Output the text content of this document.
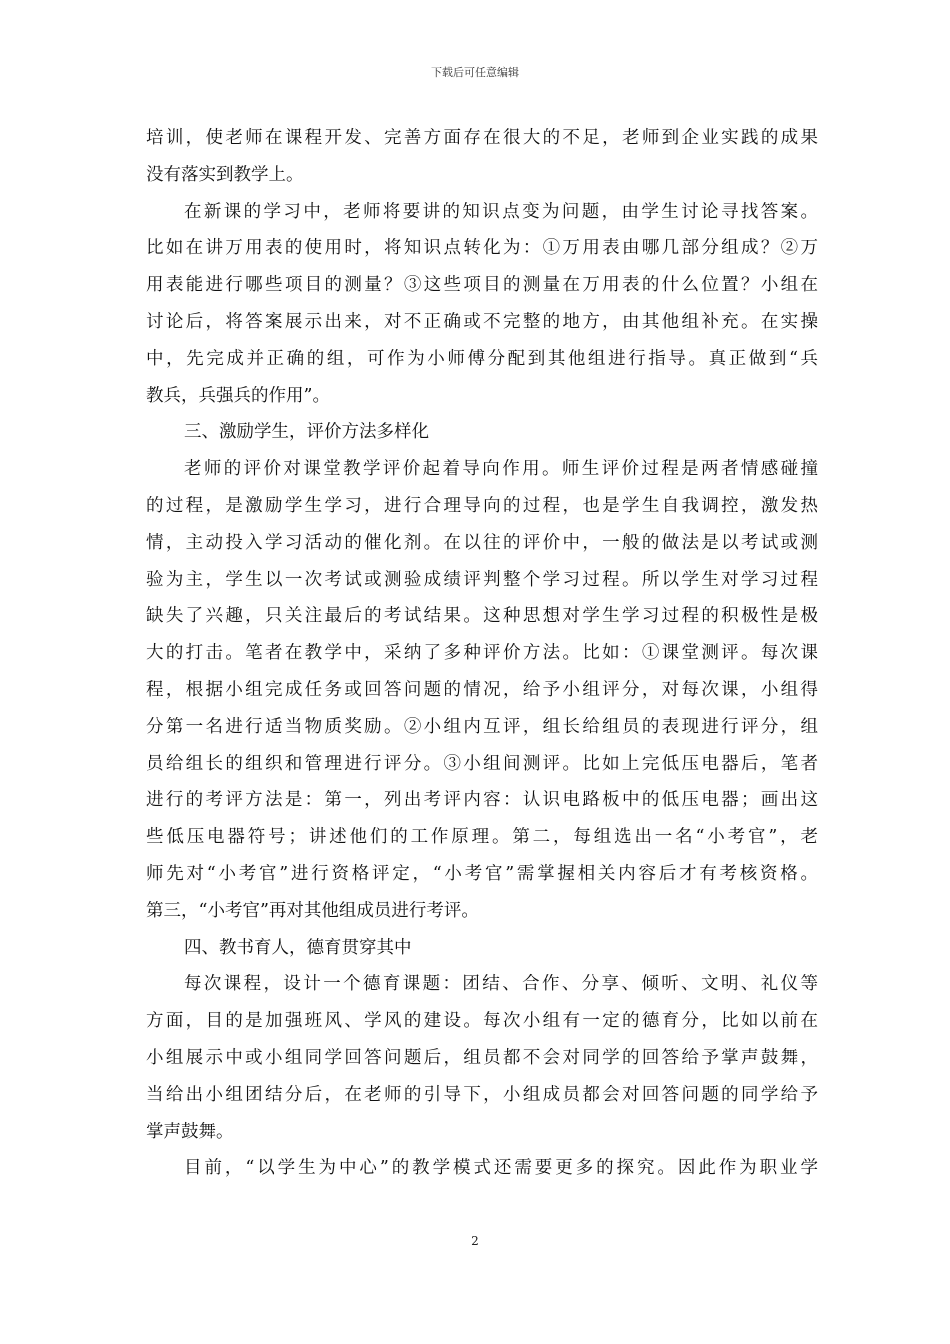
下载后可任意编辑
培训，使老师在课程开发、完善方面存在很大的不足，老师到企业实践的成果
没有落实到教学上。
在新课的学习中，老师将要讲的知识点变为问题，由学生讨论寻找答案。
比如在讲万用表的使用时，将知识点转化为：①万用表由哪几部分组成？②万
用表能进行哪些项目的测量？③这些项目的测量在万用表的什么位置？小组在
讨论后，将答案展示出来，对不正确或不完整的地方，由其他组补充。在实操
中，先完成并正确的组，可作为小师傅分配到其他组进行指导。真正做到“兵
教兵，兵强兵的作用”。
三、激励学生，评价方法多样化
老师的评价对课堂教学评价起着导向作用。师生评价过程是两者情感碰撞
的过程，是激励学生学习，进行合理导向的过程，也是学生自我调控，激发热
情，主动投入学习活动的催化剂。在以往的评价中，一般的做法是以考试或测
验为主，学生以一次考试或测验成绩评判整个学习过程。所以学生对学习过程
缺失了兴趣，只关注最后的考试结果。这种思想对学生学习过程的积极性是极
大的打击。笔者在教学中，采纳了多种评价方法。比如：①课堂测评。每次课
程，根据小组完成任务或回答问题的情况，给予小组评分，对每次课，小组得
分第一名进行适当物质奖励。②小组内互评，组长给组员的表现进行评分，组
员给组长的组织和管理进行评分。③小组间测评。比如上完低压电器后，笔者
进行的考评方法是：第一，列出考评内容：认识电路板中的低压电器；画出这
些低压电器符号；讲述他们的工作原理。第二，每组选出一名“小考官”，老
师先对“小考官”进行资格评定，“小考官”需掌握相关内容后才有考核资格。
第三，“小考官”再对其他组成员进行考评。
四、教书育人，德育贯穿其中
每次课程，设计一个德育课题：团结、合作、分享、倾听、文明、礼仪等
方面，目的是加强班风、学风的建设。每次小组有一定的德育分，比如以前在
小组展示中或小组同学回答问题后，组员都不会对同学的回答给予掌声鼓舞，
当给出小组团结分后，在老师的引导下，小组成员都会对回答问题的同学给予
掌声鼓舞。
目前，“以学生为中心”的教学模式还需要更多的探究。因此作为职业学
2
